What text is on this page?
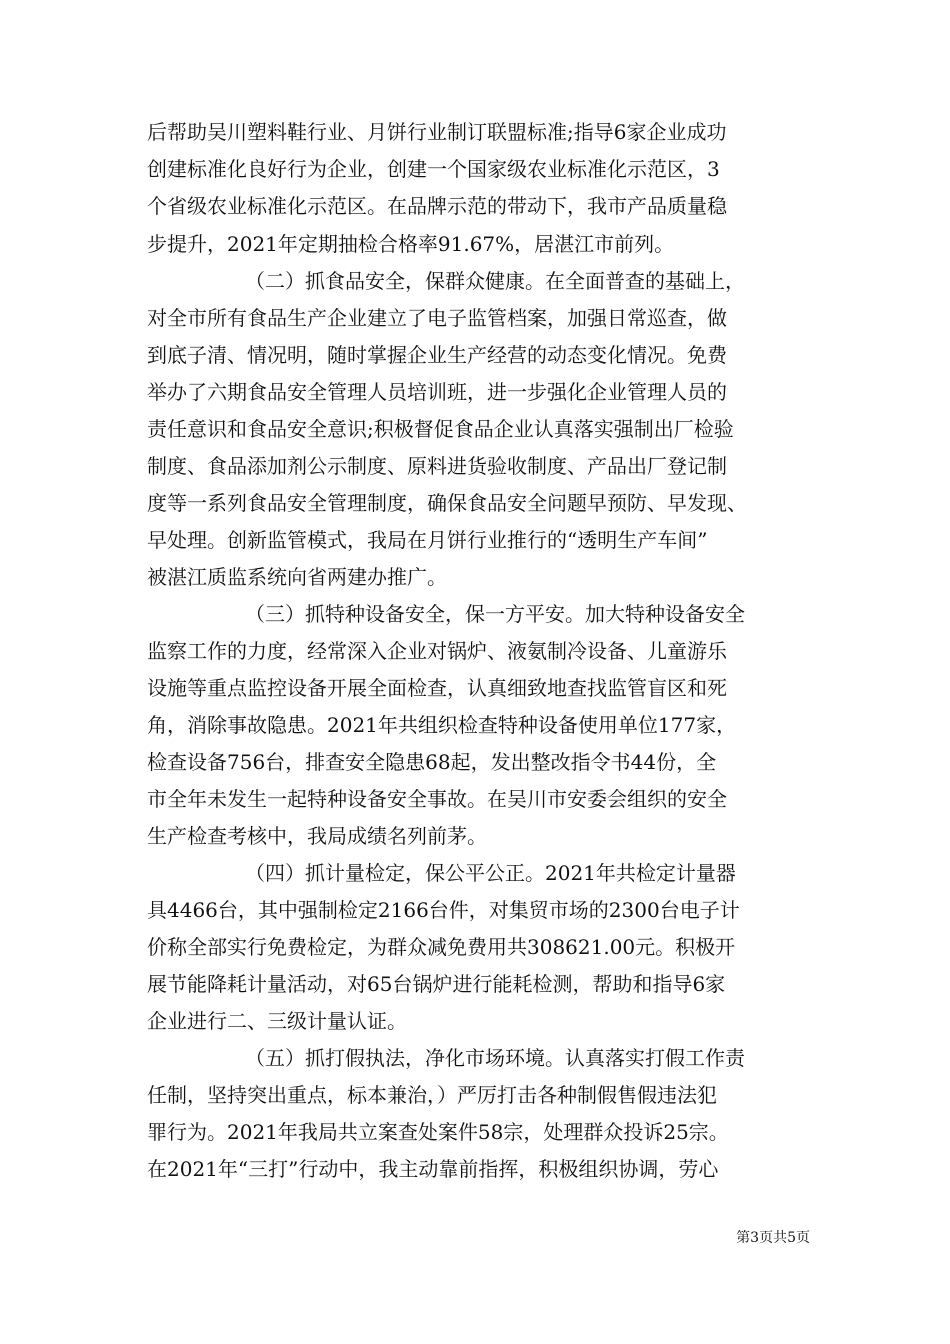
后帮助吴川塑料鞋行业、月饼行业制订联盟标准;指导6家企业成功
创建标准化良好行为企业，创建一个国家级农业标准化示范区，3
个省级农业标准化示范区。在品牌示范的带动下，我市产品质量稳
步提升，2021年定期抽检合格率91.67%，居湛江市前列。
（二）抓食品安全，保群众健康。在全面普查的基础上，
对全市所有食品生产企业建立了电子监管档案，加强日常巡查，做
到底子清、情况明，随时掌握企业生产经营的动态变化情况。免费
举办了六期食品安全管理人员培训班，进一步强化企业管理人员的
责任意识和食品安全意识;积极督促食品企业认真落实强制出厂检验
制度、食品添加剂公示制度、原料进货验收制度、产品出厂登记制
度等一系列食品安全管理制度，确保食品安全问题早预防、早发现、
早处理。创新监管模式，我局在月饼行业推行的“透明生产车间”
被湛江质监系统向省两建办推广。
（三）抓特种设备安全，保一方平安。加大特种设备安全
监察工作的力度，经常深入企业对锅炉、液氨制冷设备、儿童游乐
设施等重点监控设备开展全面检查，认真细致地查找监管盲区和死
角，消除事故隐患。2021年共组织检查特种设备使用单位177家，
检查设备756台，排查安全隐患68起，发出整改指令书44份，全
市全年未发生一起特种设备安全事故。在吴川市安委会组织的安全
生产检查考核中，我局成绩名列前茅。
（四）抓计量检定，保公平公正。2021年共检定计量器
具4466台，其中强制检定2166台件，对集贸市场的2300台电子计
价称全部实行免费检定，为群众减免费用共308621.00元。积极开
展节能降耗计量活动，对65台锅炉进行能耗检测，帮助和指导6家
企业进行二、三级计量认证。
（五）抓打假执法，净化市场环境。认真落实打假工作责
任制，坚持突出重点，标本兼治，）严厉打击各种制假售假违法犯
罪行为。2021年我局共立案查处案件58宗，处理群众投诉25宗。
在2021年“三打”行动中，我主动靠前指挥，积极组织协调，劳心
第3页共5页
